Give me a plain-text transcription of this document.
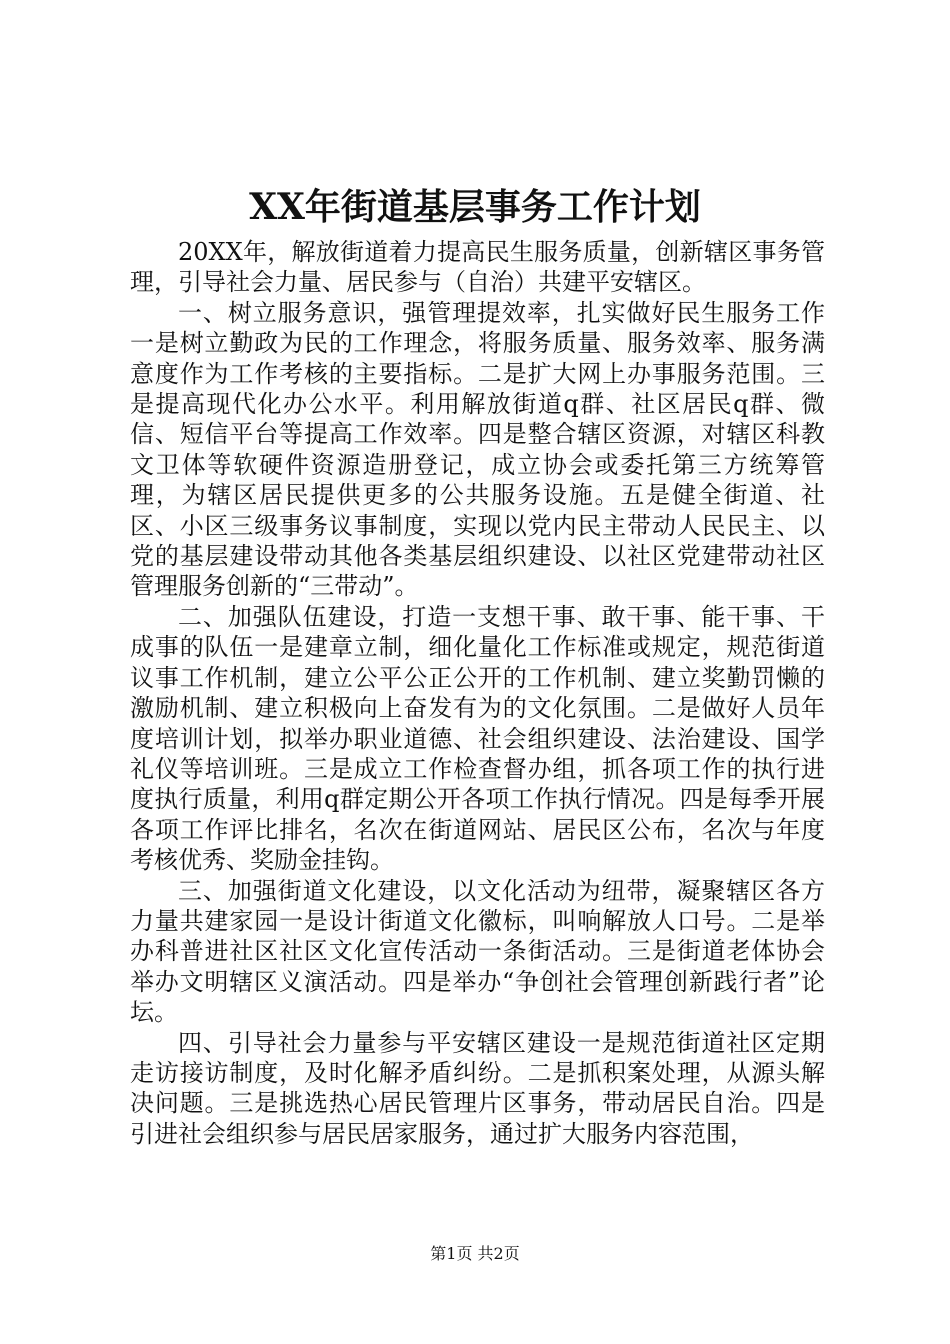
XX年街道基层事务工作计划

20XX年，解放街道着力提高民生服务质量，创新辖区事务管理，引导社会力量、居民参与（自治）共建平安辖区。

一、树立服务意识，强管理提效率，扎实做好民生服务工作一是树立勤政为民的工作理念，将服务质量、服务效率、服务满意度作为工作考核的主要指标。二是扩大网上办事服务范围。三是提高现代化办公水平。利用解放街道q群、社区居民q群、微信、短信平台等提高工作效率。四是整合辖区资源，对辖区科教文卫体等软硬件资源造册登记，成立协会或委托第三方统筹管理，为辖区居民提供更多的公共服务设施。五是健全街道、社区、小区三级事务议事制度，实现以党内民主带动人民民主、以党的基层建设带动其他各类基层组织建设、以社区党建带动社区管理服务创新的“三带动”。

二、加强队伍建设，打造一支想干事、敢干事、能干事、干成事的队伍一是建章立制，细化量化工作标准或规定，规范街道议事工作机制，建立公平公正公开的工作机制、建立奖勤罚懒的激励机制、建立积极向上奋发有为的文化氛围。二是做好人员年度培训计划，拟举办职业道德、社会组织建设、法治建设、国学礼仪等培训班。三是成立工作检查督办组，抓各项工作的执行进度执行质量，利用q群定期公开各项工作执行情况。四是每季开展各项工作评比排名，名次在街道网站、居民区公布，名次与年度考核优秀、奖励金挂钩。

三、加强街道文化建设，以文化活动为纽带，凝聚辖区各方力量共建家园一是设计街道文化徽标，叫响解放人口号。二是举办科普进社区社区文化宣传活动一条街活动。三是街道老体协会举办文明辖区义演活动。四是举办“争创社会管理创新践行者”论坛。

四、引导社会力量参与平安辖区建设一是规范街道社区定期走访接访制度，及时化解矛盾纠纷。二是抓积案处理，从源头解决问题。三是挑选热心居民管理片区事务，带动居民自治。四是引进社会组织参与居民居家服务，通过扩大服务内容范围，

第1页 共2页
